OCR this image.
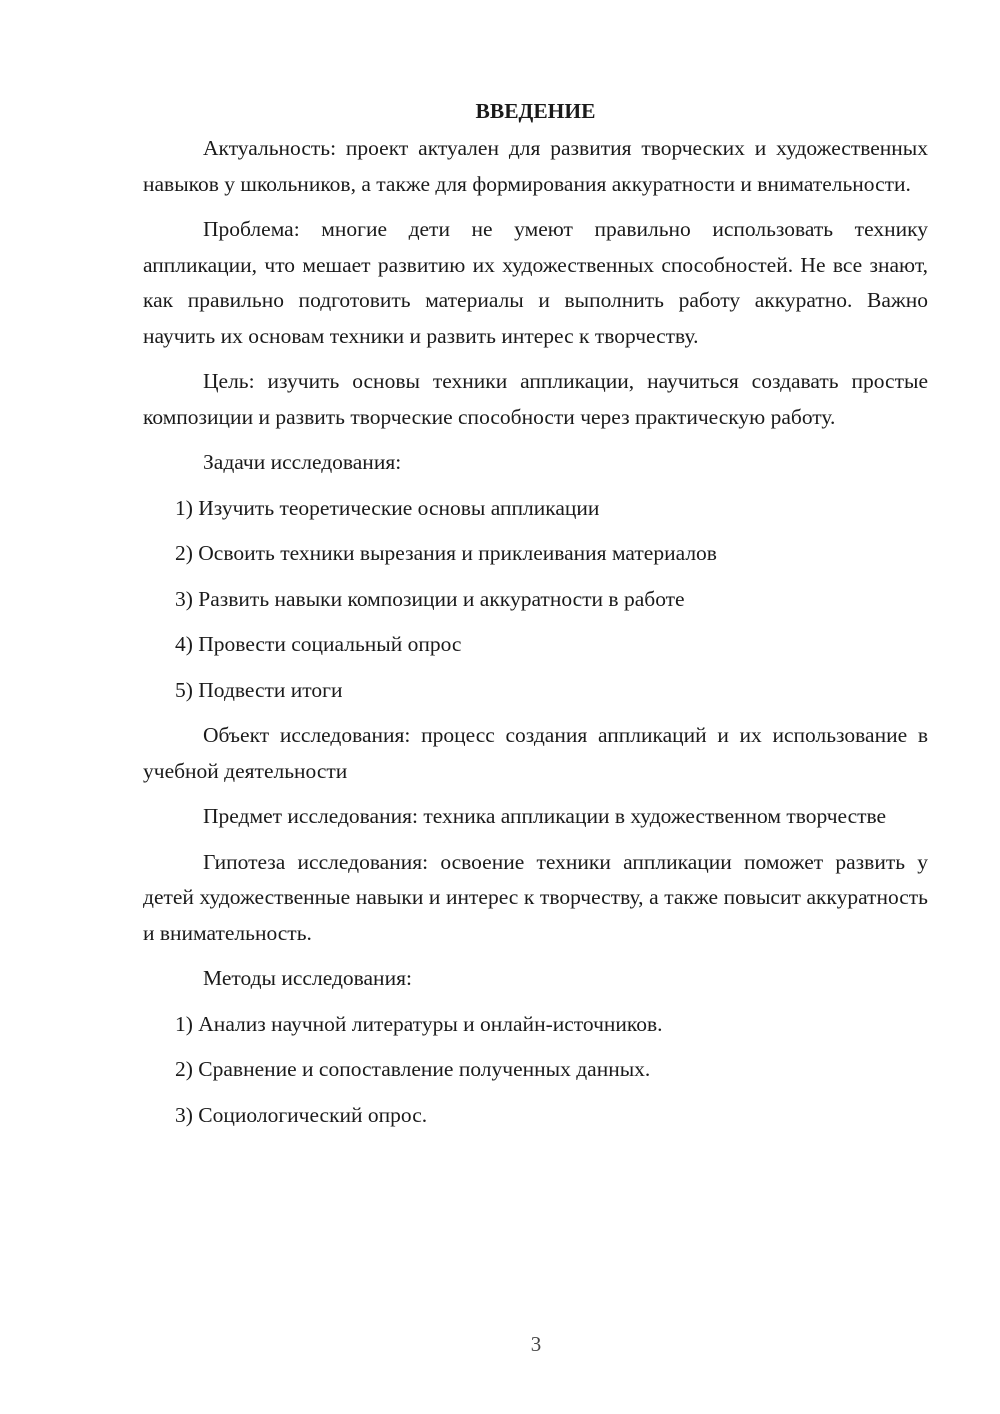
ВВЕДЕНИЕ

Актуальность: проект актуален для развития творческих и художественных навыков у школьников, а также для формирования аккуратности и внимательности.

Проблема: многие дети не умеют правильно использовать технику аппликации, что мешает развитию их художественных способностей. Не все знают, как правильно подготовить материалы и выполнить работу аккуратно. Важно научить их основам техники и развить интерес к творчеству.

Цель: изучить основы техники аппликации, научиться создавать простые композиции и развить творческие способности через практическую работу.

Задачи исследования:

1) Изучить теоретические основы аппликации

2) Освоить техники вырезания и приклеивания материалов

3) Развить навыки композиции и аккуратности в работе

4) Провести социальный опрос

5) Подвести итоги

Объект исследования: процесс создания аппликаций и их использование в учебной деятельности

Предмет исследования: техника аппликации в художественном творчестве

Гипотеза исследования: освоение техники аппликации поможет развить у детей художественные навыки и интерес к творчеству, а также повысит аккуратность и внимательность.

Методы исследования:

1) Анализ научной литературы и онлайн-источников.

2) Сравнение и сопоставление полученных данных.

3) Социологический опрос.

3
